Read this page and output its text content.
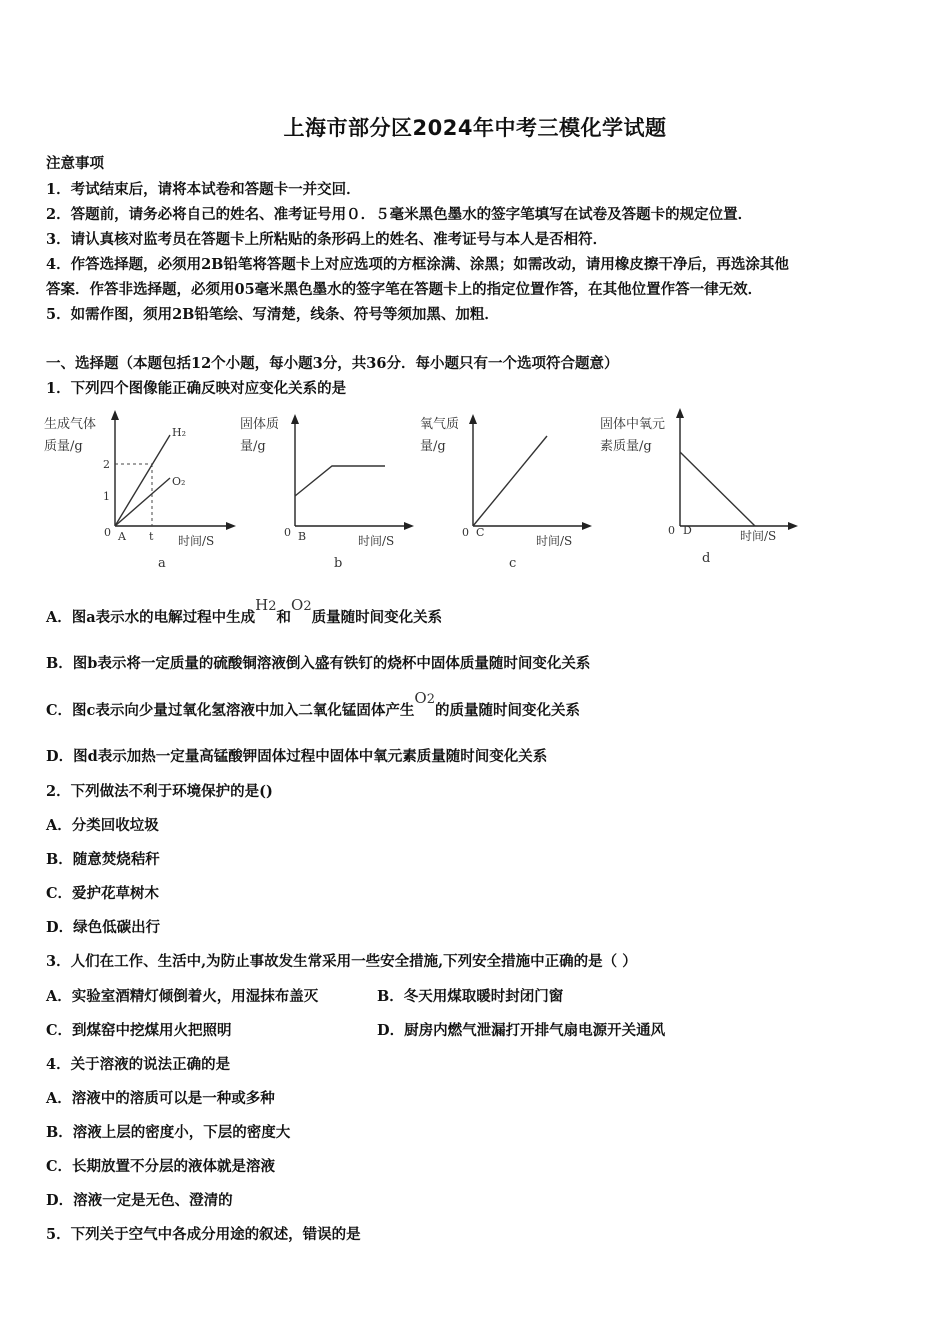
上海市部分区2024年中考三模化学试题
注意事项
1．考试结束后，请将本试卷和答题卡一并交回．
2．答题前，请务必将自己的姓名、准考证号用０．５毫米黑色墨水的签字笔填写在试卷及答题卡的规定位置．
3．请认真核对监考员在答题卡上所粘贴的条形码上的姓名、准考证号与本人是否相符．
4．作答选择题，必须用2B铅笔将答题卡上对应选项的方框涂满、涂黑；如需改动，请用橡皮擦干净后，再选涂其他
答案．作答非选择题，必须用05毫米黑色墨水的签字笔在答题卡上的指定位置作答，在其他位置作答一律无效．
5．如需作图，须用2B铅笔绘、写清楚，线条、符号等须加黑、加粗．
一、选择题（本题包括12个小题，每小题3分，共36分．每小题只有一个选项符合题意）
1．下列四个图像能正确反映对应变化关系的是
生成气体
质量/g
H₂
O₂
2
1
0 A t 时间/S
a
固体质
量/g
0 B	时间/S
b
氧气质
量/g
0 C
时间/S
c
固体中氧元
素质量/g
0 D	时间/S
d
A．图a表示水的电解过程中生成H2和O2质量随时间变化关系
B．图b表示将一定质量的硫酸铜溶液倒入盛有铁钉的烧杯中固体质量随时间变化关系
C．图c表示向少量过氧化氢溶液中加入二氧化锰固体产生O2的质量随时间变化关系
D．图d表示加热一定量高锰酸钾固体过程中固体中氧元素质量随时间变化关系
2．下列做法不利于环境保护的是()
A．分类回收垃圾
B．随意焚烧秸秆
C．爱护花草树木
D．绿色低碳出行
3．人们在工作、生活中,为防止事故发生常采用一些安全措施,下列安全措施中正确的是（ ）
A．实验室酒精灯倾倒着火，用湿抹布盖灭	B．冬天用煤取暖时封闭门窗
C．到煤窑中挖煤用火把照明	D．厨房内燃气泄漏打开排气扇电源开关通风
4．关于溶液的说法正确的是
A．溶液中的溶质可以是一种或多种
B．溶液上层的密度小，下层的密度大
C．长期放置不分层的液体就是溶液
D．溶液一定是无色、澄清的
5．下列关于空气中各成分用途的叙述，错误的是
